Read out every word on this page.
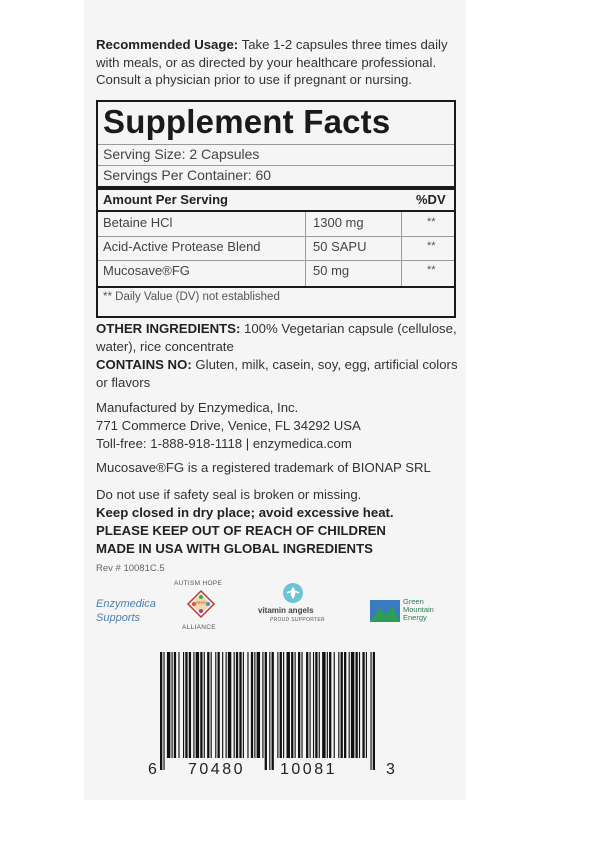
Recommended Usage: Take 1-2 capsules three times daily with meals, or as directed by your healthcare professional. Consult a physician prior to use if pregnant or nursing.
Supplement Facts
Serving Size: 2 Capsules
Servings Per Container: 60
Amount Per Serving	%DV
Betaine HCl	1300 mg	**
Acid-Active Protease Blend	50 SAPU	**
Mucosave®FG	50 mg	**
** Daily Value (DV) not established
OTHER INGREDIENTS: 100% Vegetarian capsule (cellulose, water), rice concentrate
CONTAINS NO: Gluten, milk, casein, soy, egg, artificial colors or flavors
Manufactured by Enzymedica, Inc.
771 Commerce Drive, Venice, FL 34292 USA
Toll-free: 1-888-918-1118 | enzymedica.com
Mucosave®FG is a registered trademark of BIONAP SRL
Do not use if safety seal is broken or missing.
Keep closed in dry place; avoid excessive heat.
PLEASE KEEP OUT OF REACH OF CHILDREN
MADE IN USA WITH GLOBAL INGREDIENTS
Rev # 10081C.5
Enzymedica
Supports
AUTISM HOPE
AHA
ALLIANCE
vitamin angels
PROUD SUPPORTER
Green
Mountain
Energy
6 70480 10081	3
